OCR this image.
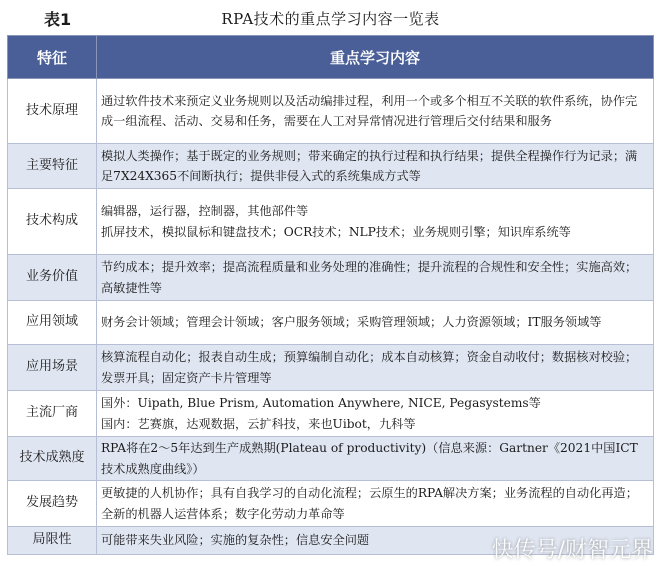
表1	RPA技术的重点学习内容一览表
特征	重点学习内容
技术原理	通过软件技术来预定义业务规则以及活动编排过程，利用一个或多个相互不关联的软件系统，协作完成一组流程、活动、交易和任务，需要在人工对异常情况进行管理后交付结果和服务
主要特征	模拟人类操作；基于既定的业务规则；带来确定的执行过程和执行结果；提供全程操作行为记录；满足7X24X365不间断执行；提供非侵入式的系统集成方式等
技术构成	编辑器，运行器，控制器，其他部件等
抓屏技术，模拟鼠标和键盘技术；OCR技术；NLP技术；业务规则引擎；知识库系统等

业务价值	节约成本；提升效率；提高流程质量和业务处理的准确性；提升流程的合规性和安全性；实施高效；高敏捷性等
应用领域	财务会计领域；管理会计领域；客户服务领域；采购管理领域；人力资源领域；IT服务领域等
应用场景	核算流程自动化；报表自动生成；预算编制自动化；成本自动核算；资金自动收付；数据核对校验；发票开具；固定资产卡片管理等
主流厂商	国外：Uipath, Blue Prism, Automation Anywhere, NICE, Pegasystems等
国内：艺赛旗，达观数据，云扩科技，来也Uibot，九科等

技术成熟度	RPA将在2～5年达到生产成熟期(Plateau of productivity)（信息来源：Gartner《2021中国ICT技术成熟度曲线》）
发展趋势	更敏捷的人机协作；具有自我学习的自动化流程；云原生的RPA解决方案；业务流程的自动化再造；全新的机器人运营体系；数字化劳动力革命等
局限性	可能带来失业风险；实施的复杂性；信息安全问题	快传号/财智元界
